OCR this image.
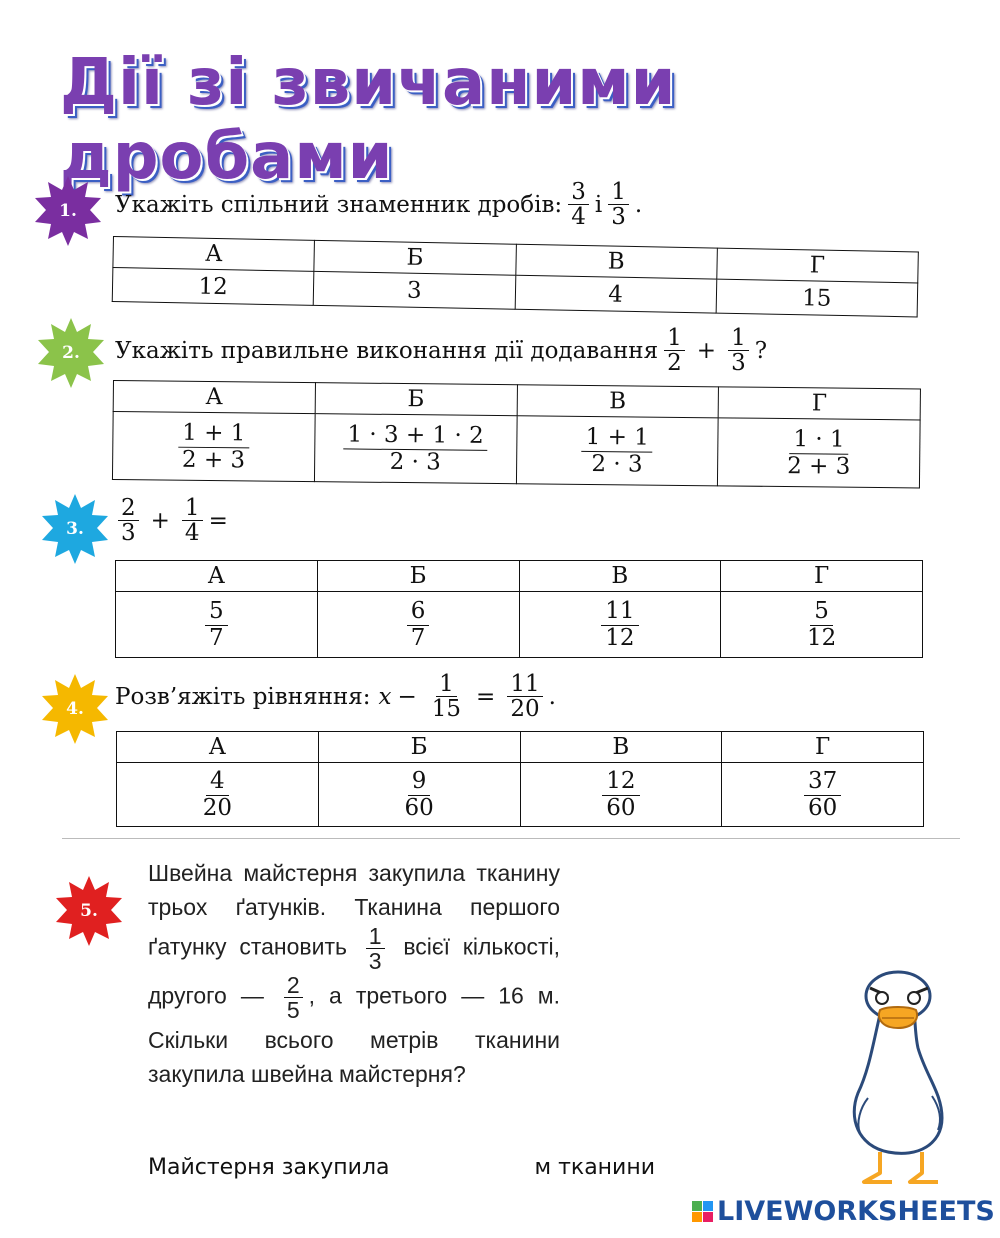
Дії зі звичаними дробами
1.	Укажіть спільний знаменник дробів: $\frac{3}{4}$ і $\frac{1}{3}$ .
А	Б	В	Г
12	3	4	15
2.	Укажіть правильне виконання дії додавання $\frac{1}{2} + \frac{1}{3}$ ?
А	Б	В	Г

$\frac{1 + 1}{2 + 3}$	$\frac{1 \cdot 3 + 1 \cdot 2}{2 \cdot 3}$	$\frac{1 + 1}{2 \cdot 3}$	$\frac{1 \cdot 1}{2 + 3}$
3.	$\frac{2}{3} + \frac{1}{4}$ =
А	Б	В	Г

$\frac{5}{7}$	$\frac{6}{7}$	$\frac{11}{12}$	$\frac{5}{12}$
4.	Розв’яжіть рівняння: $x - \frac{1}{15} = \frac{11}{20}$ .
А	Б	В	Г

$\frac{4}{20}$	$\frac{9}{60}$	$\frac{12}{60}$	$\frac{37}{60}$
5.
Швейна майстерня закупила тканину трьох ґатунків. Тканина першого ґатунку становить $\frac{1}{3}$ всієї кількості, другого — $\frac{2}{5}$ , а третього — 16 м. Скільки всього метрів тканини закупила швейна майстерня?
Майстерня закупила	м тканини
LIVEWORKSHEETS
